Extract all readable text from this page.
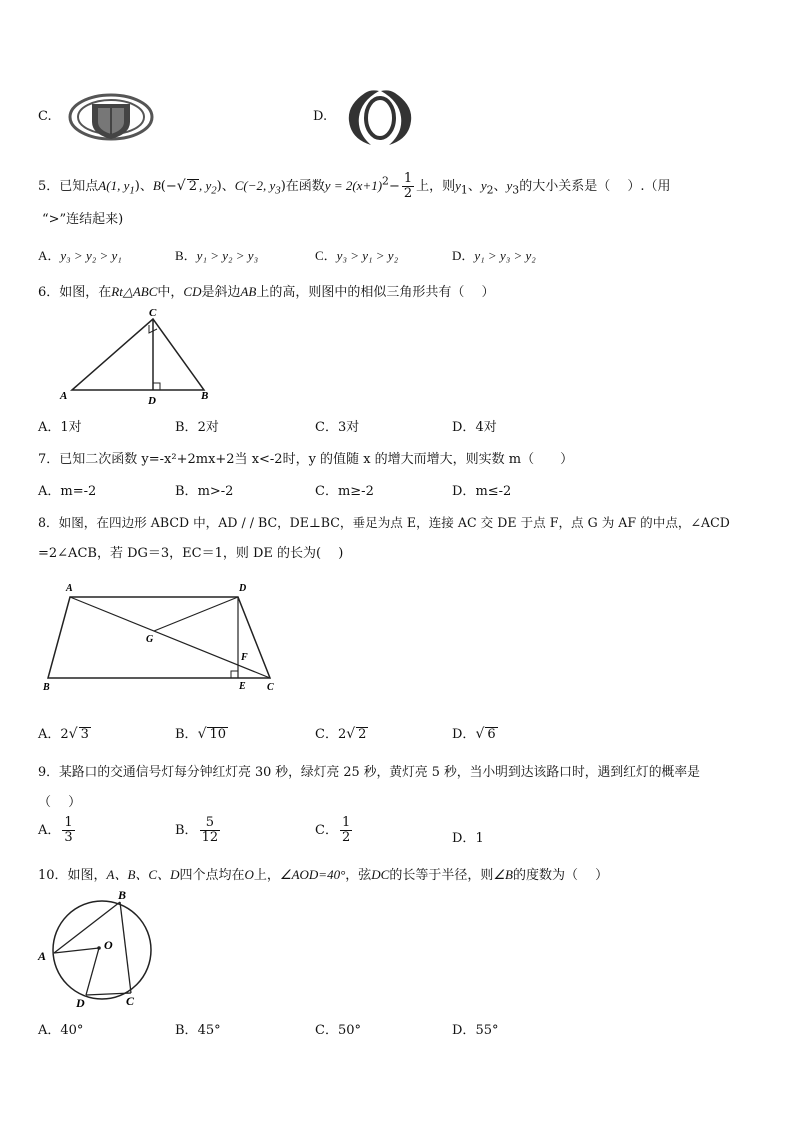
C.	D.
5．已知点A(1, $y_1$)、B(−√ 2 , $y_2$)、C(−2, $y_3$)在函数$y = 2(x+1)^2- \frac{1}{2}$ 上，则$y_1$、$y_2$、$y_3$的大小关系是（　 ）.（用
“>”连结起来)
A．y₃ > y₂ > y₁	B．y₁ > y₂ > y₃	C．y₃ > y₁ > y₂	D．y₁ > y₃ > y₂
6．如图，在Rt△ABC中，CD是斜边AB上的高，则图中的相似三角形共有（　 ）
A	B
C
D
A．1对	B．2对	C．3对	D．4对
7．已知二次函数 y=-x²+2mx+2当 x<-2时，y 的值随 x 的增大而增大，则实数 m（　　）
A．m=-2	B．m>-2	C．m≥-2	D．m≤-2
8．如图，在四边形 ABCD 中，AD / / BC，DE⊥BC，垂足为点 E，连接 AC 交 DE 于点 F，点 G 为 AF 的中点，∠ACD
=2∠ACB，若 DG＝3，EC＝1，则 DE 的长为(　 )
A	D
G
F
B	E C
A．2√ 3	B．√ 10	C．2√ 2	D．√ 6
9．某路口的交通信号灯每分钟红灯亮 30 秒，绿灯亮 25 秒，黄灯亮 5 秒，当小明到达该路口时，遇到红灯的概率是
（　 ）
A． $\frac{1}{3}$	B． $\frac{5}{12}$	C． $\frac{1}{2}$	D．1
10．如图，A、B、C、D四个点均在O上，∠AOD=40°，弦DC的长等于半径，则∠B的度数为（　 ）
B
A
O
D	C
A．40°	B．45°	C．50°	D．55°
